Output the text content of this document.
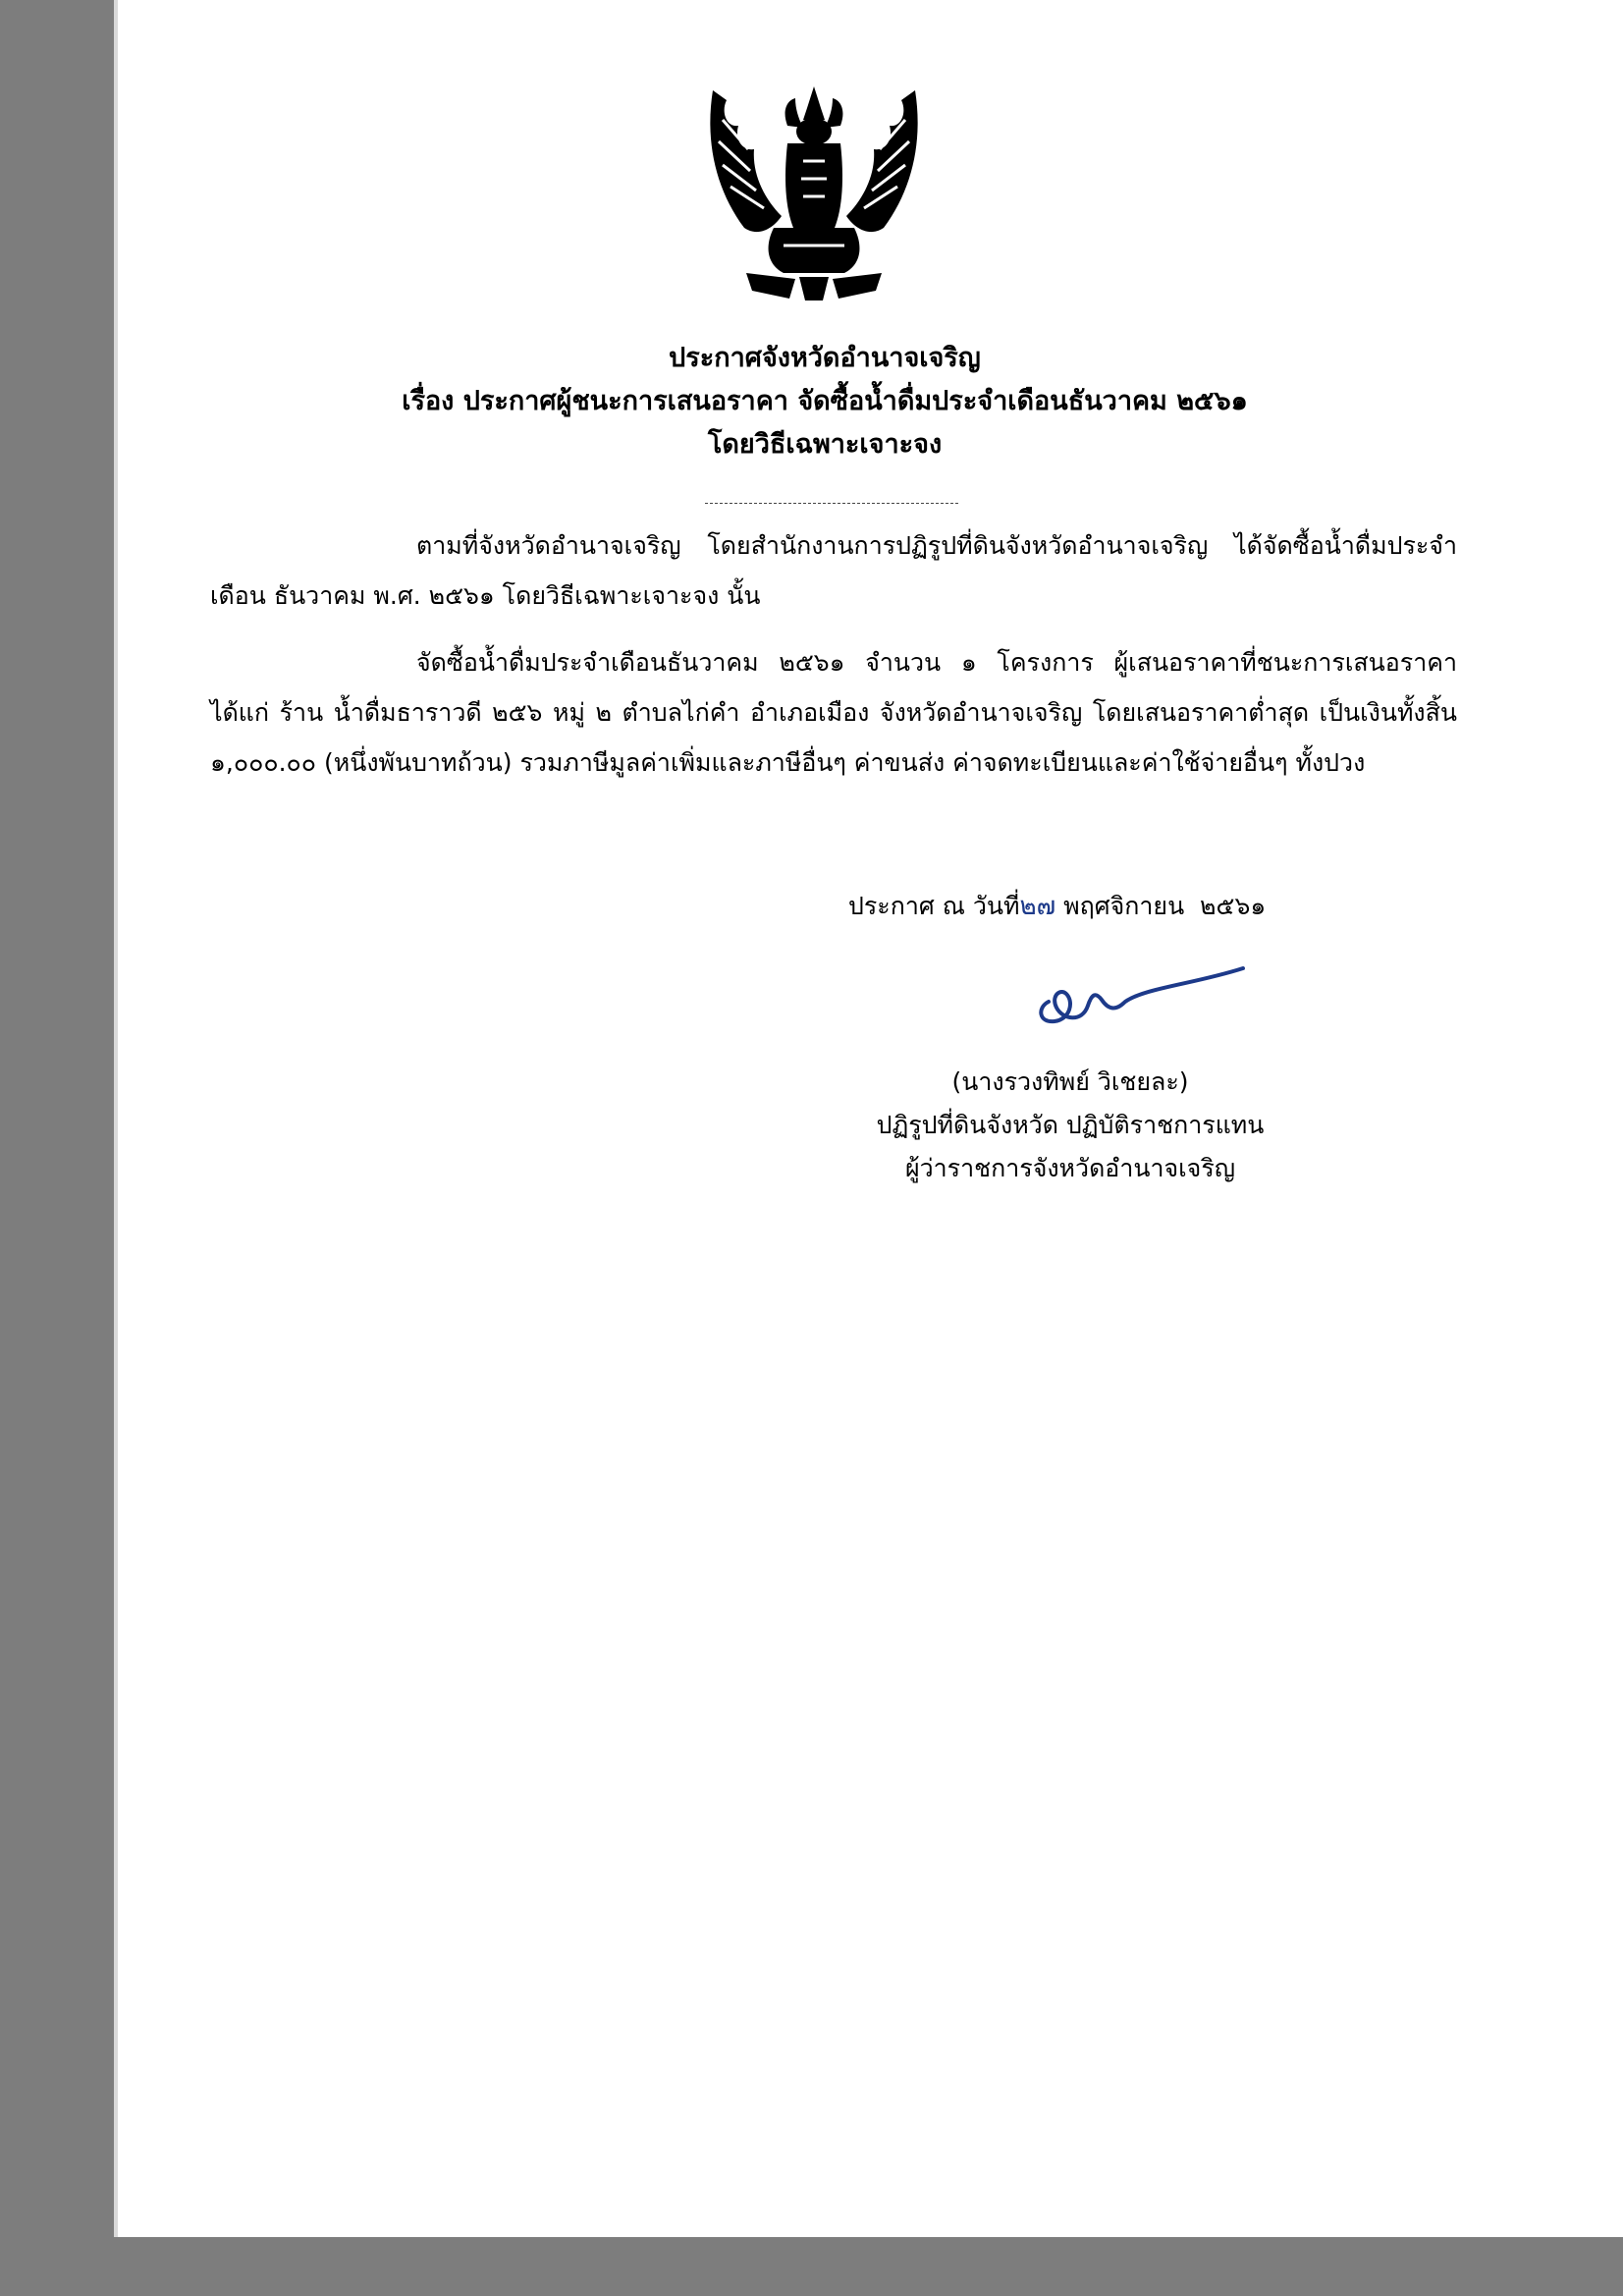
ประกาศจังหวัดอำนาจเจริญ
เรื่อง ประกาศผู้ชนะการเสนอราคา จัดซื้อน้ำดื่มประจำเดือนธันวาคม ๒๕๖๑
โดยวิธีเฉพาะเจาะจง
ตามที่จังหวัดอำนาจเจริญ โดยสำนักงานการปฏิรูปที่ดินจังหวัดอำนาจเจริญ ได้จัดซื้อน้ำดื่มประจำเดือน ธันวาคม พ.ศ. ๒๕๖๑ โดยวิธีเฉพาะเจาะจง นั้น
จัดซื้อน้ำดื่มประจำเดือนธันวาคม ๒๕๖๑ จำนวน ๑ โครงการ ผู้เสนอราคาที่ชนะการเสนอราคา ได้แก่ ร้าน น้ำดื่มธาราวดี ๒๕๖ หมู่ ๒ ตำบลไก่คำ อำเภอเมือง จังหวัดอำนาจเจริญ โดยเสนอราคาต่ำสุด เป็นเงินทั้งสิ้น ๑,๐๐๐.๐๐ (หนึ่งพันบาทถ้วน) รวมภาษีมูลค่าเพิ่มและภาษีอื่นๆ ค่าขนส่ง ค่าจดทะเบียนและค่าใช้จ่ายอื่นๆ ทั้งปวง
ประกาศ ณ วันที่๒๗ พฤศจิกายน  ๒๕๖๑
(นางรวงทิพย์ วิเชยละ)
ปฏิรูปที่ดินจังหวัด ปฏิบัติราชการแทน
ผู้ว่าราชการจังหวัดอำนาจเจริญ
